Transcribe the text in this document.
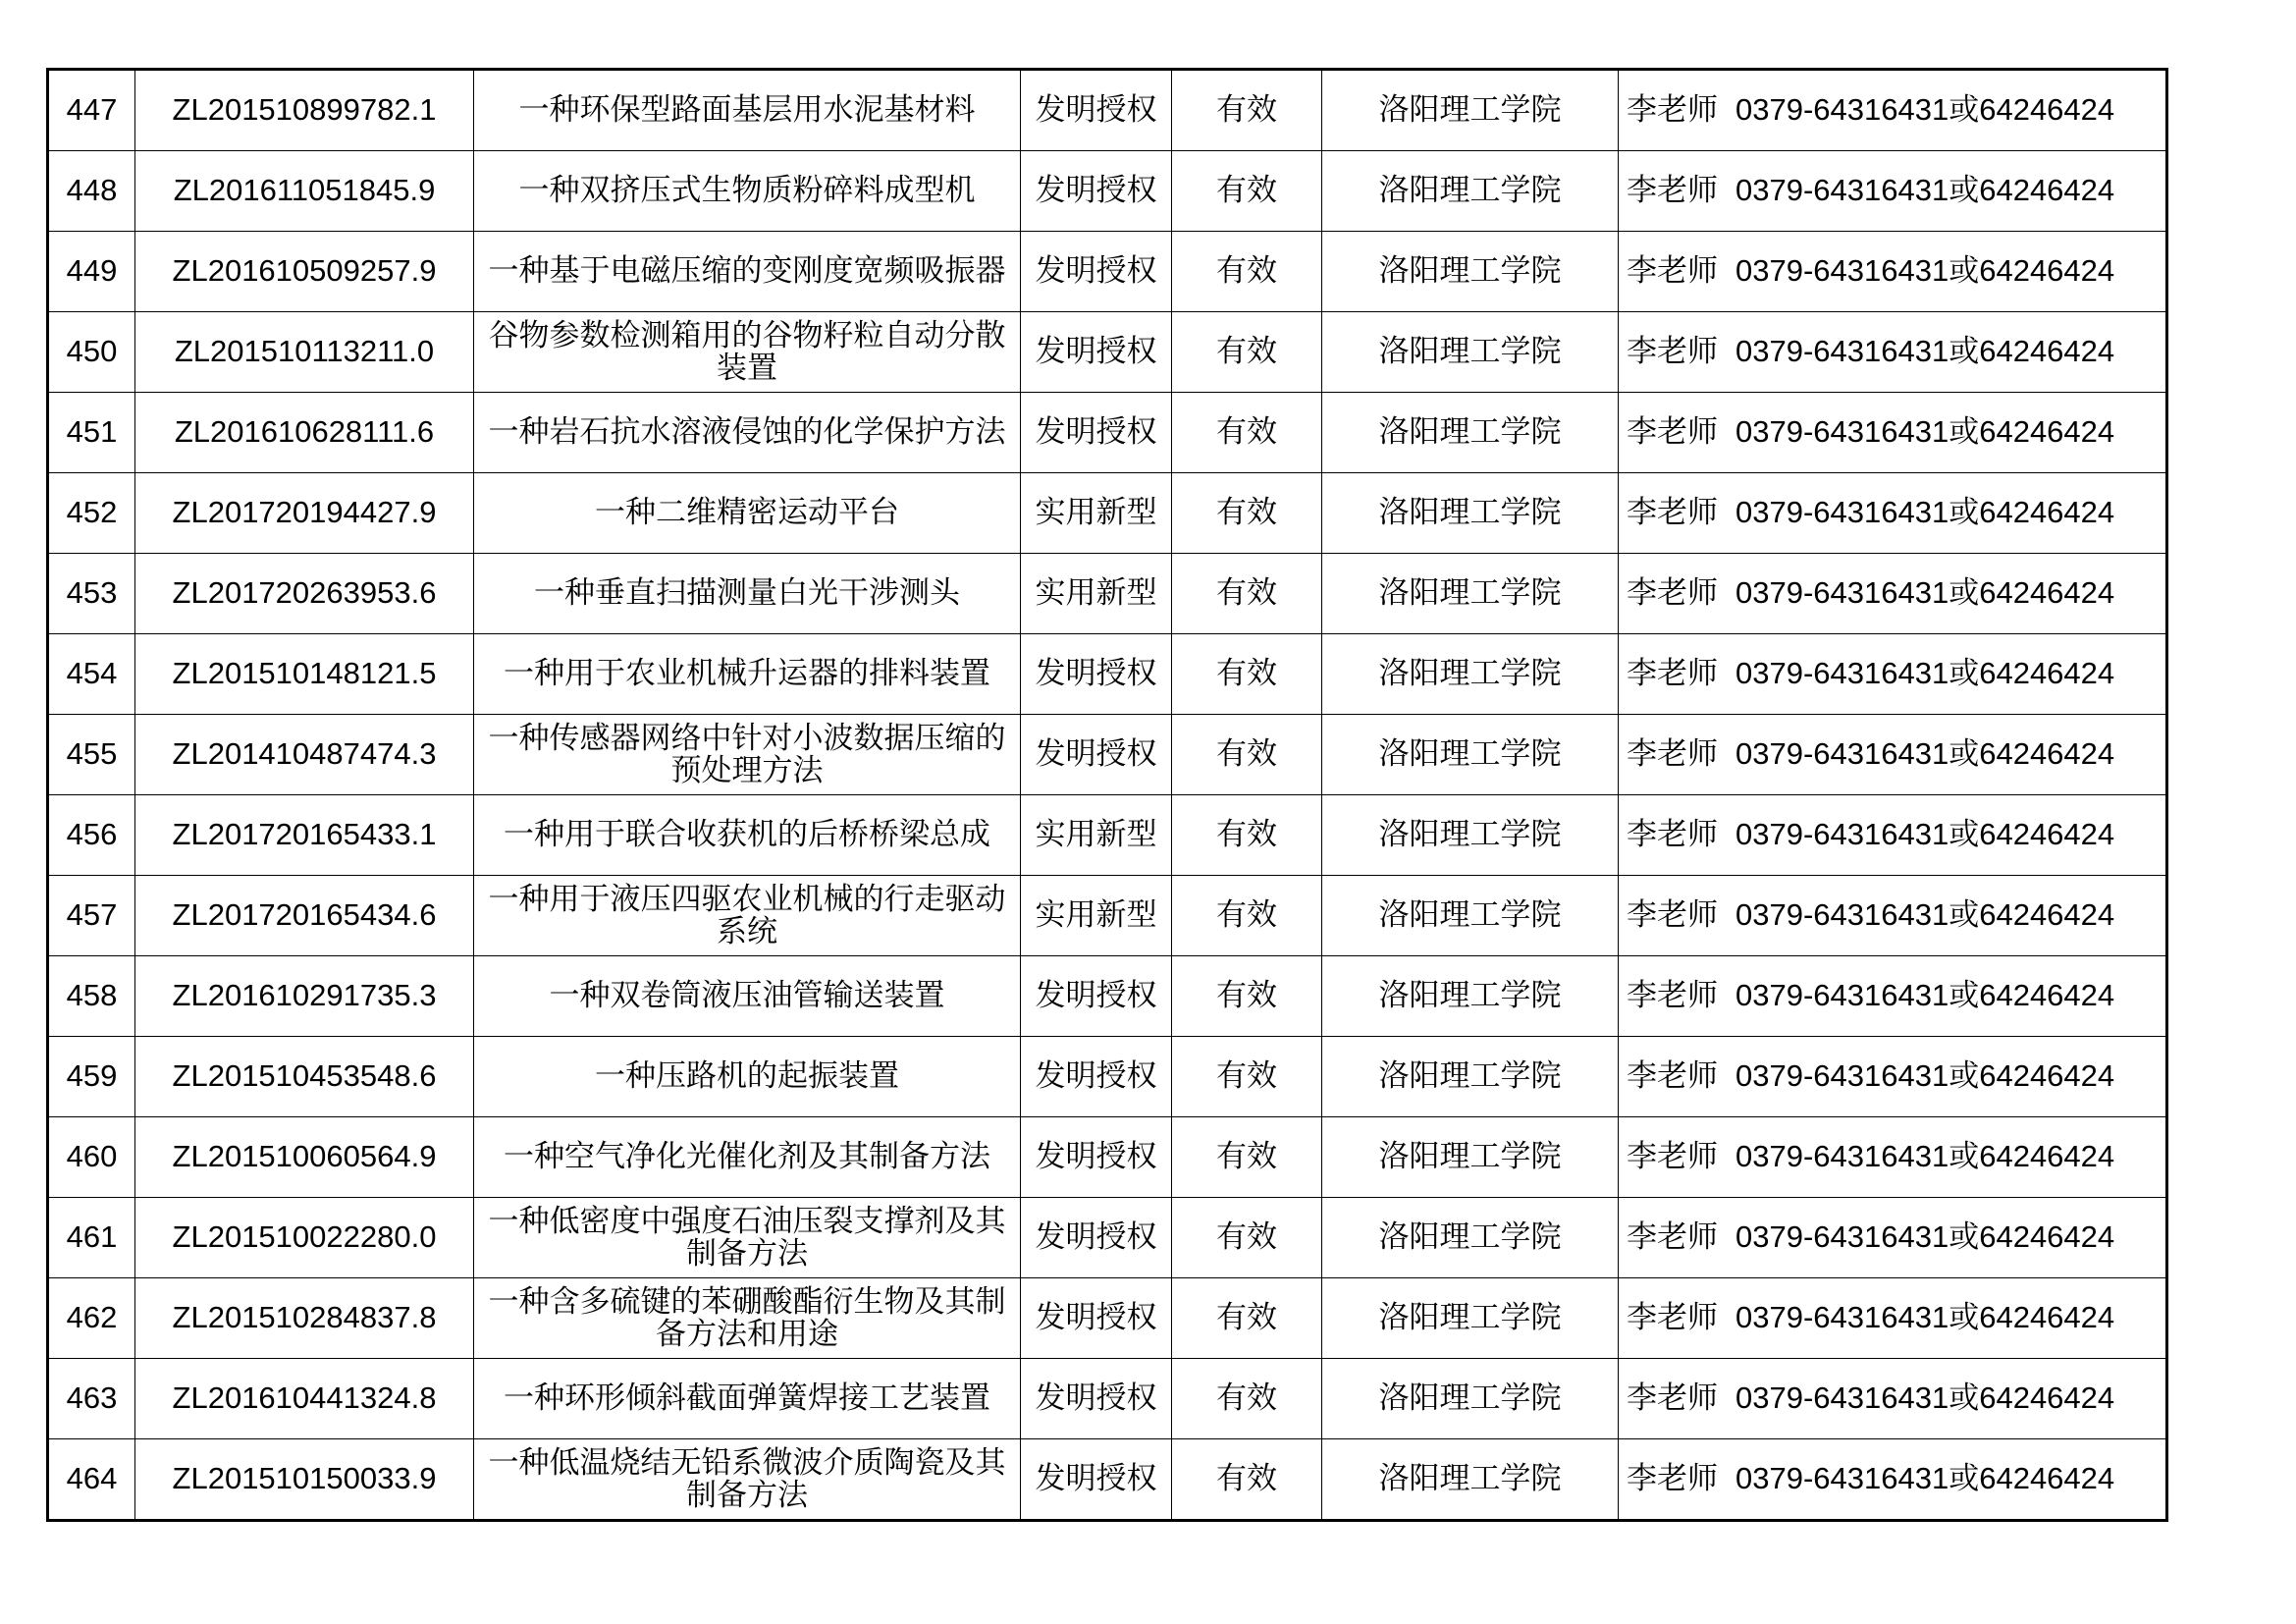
447	ZL201510899782.1	一种环保型路面基层用水泥基材料	发明授权	有效	洛阳理工学院	李老师 0379-64316431或64246424
448	ZL201611051845.9	一种双挤压式生物质粉碎料成型机	发明授权	有效	洛阳理工学院	李老师 0379-64316431或64246424
449	ZL201610509257.9	一种基于电磁压缩的变刚度宽频吸振器	发明授权	有效	洛阳理工学院	李老师 0379-64316431或64246424
450	ZL201510113211.0	谷物参数检测箱用的谷物籽粒自动分散装置	发明授权	有效	洛阳理工学院	李老师 0379-64316431或64246424
451	ZL201610628111.6	一种岩石抗水溶液侵蚀的化学保护方法	发明授权	有效	洛阳理工学院	李老师 0379-64316431或64246424
452	ZL201720194427.9	一种二维精密运动平台	实用新型	有效	洛阳理工学院	李老师 0379-64316431或64246424
453	ZL201720263953.6	一种垂直扫描测量白光干涉测头	实用新型	有效	洛阳理工学院	李老师 0379-64316431或64246424
454	ZL201510148121.5	一种用于农业机械升运器的排料装置	发明授权	有效	洛阳理工学院	李老师 0379-64316431或64246424
455	ZL201410487474.3	一种传感器网络中针对小波数据压缩的预处理方法	发明授权	有效	洛阳理工学院	李老师 0379-64316431或64246424
456	ZL201720165433.1	一种用于联合收获机的后桥桥梁总成	实用新型	有效	洛阳理工学院	李老师 0379-64316431或64246424
457	ZL201720165434.6	一种用于液压四驱农业机械的行走驱动系统	实用新型	有效	洛阳理工学院	李老师 0379-64316431或64246424
458	ZL201610291735.3	一种双卷筒液压油管输送装置	发明授权	有效	洛阳理工学院	李老师 0379-64316431或64246424
459	ZL201510453548.6	一种压路机的起振装置	发明授权	有效	洛阳理工学院	李老师 0379-64316431或64246424
460	ZL201510060564.9	一种空气净化光催化剂及其制备方法	发明授权	有效	洛阳理工学院	李老师 0379-64316431或64246424
461	ZL201510022280.0	一种低密度中强度石油压裂支撑剂及其制备方法	发明授权	有效	洛阳理工学院	李老师 0379-64316431或64246424
462	ZL201510284837.8	一种含多硫键的苯硼酸酯衍生物及其制备方法和用途	发明授权	有效	洛阳理工学院	李老师 0379-64316431或64246424
463	ZL201610441324.8	一种环形倾斜截面弹簧焊接工艺装置	发明授权	有效	洛阳理工学院	李老师 0379-64316431或64246424
464	ZL201510150033.9	一种低温烧结无铅系微波介质陶瓷及其制备方法	发明授权	有效	洛阳理工学院	李老师 0379-64316431或64246424
